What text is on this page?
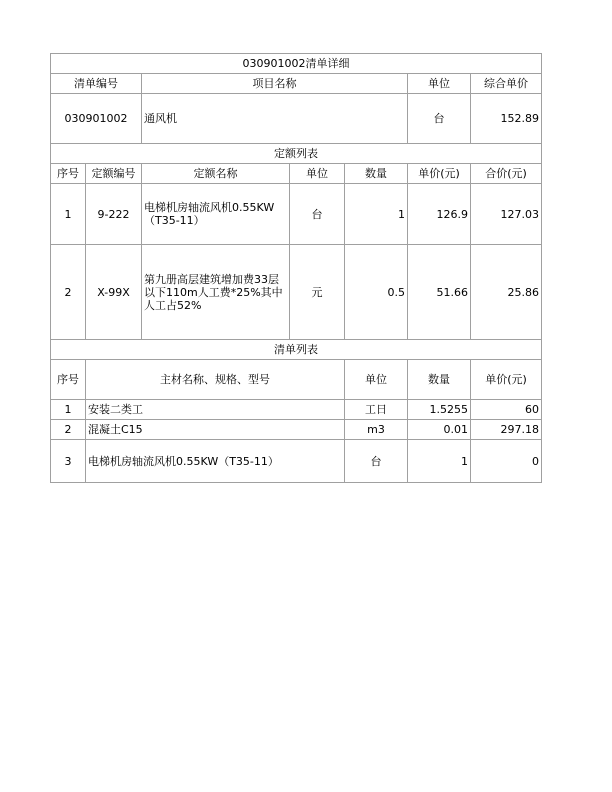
030901002清单详细							
清单编号		项目名称			单位	综合单价	
030901002		通风机			台	152.89	
定额列表							
序号	定额编号	定额名称	单位	数量	单价(元)	合价(元)	
1	9-222	电梯机房轴流风机0.55KW（T35-11）	台	1	126.9	127.03	
2	X-99X	第九册高层建筑增加费33层以下110m人工费*25%其中人工占52%	元	0.5	51.66	25.86	
清单列表							
序号	主材名称、规格、型号			单位	数量	单价(元)	
1	安装二类工			工日	1.5255	60	
2	混凝土C15			m3	0.01	297.18	
3	电梯机房轴流风机0.55KW（T35-11）			台	1	0	
